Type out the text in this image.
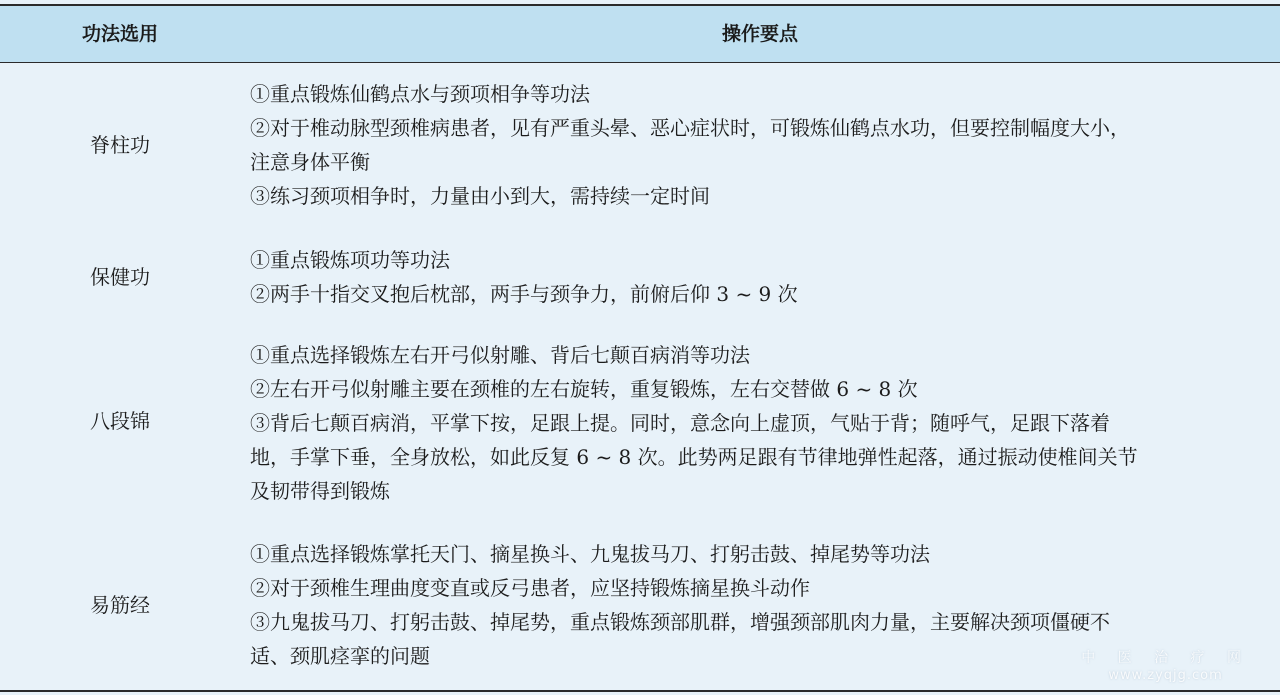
功法选用	操作要点
脊柱功
①重点锻炼仙鹤点水与颈项相争等功法
②对于椎动脉型颈椎病患者，见有严重头晕、恶心症状时，可锻炼仙鹤点水功，但要控制幅度大小，
注意身体平衡
③练习颈项相争时，力量由小到大，需持续一定时间
保健功
①重点锻炼项功等功法
②两手十指交叉抱后枕部，两手与颈争力，前俯后仰 3 ~ 9 次
八段锦
①重点选择锻炼左右开弓似射雕、背后七颠百病消等功法
②左右开弓似射雕主要在颈椎的左右旋转，重复锻炼，左右交替做 6 ~ 8 次
③背后七颠百病消，平掌下按，足跟上提。同时，意念向上虚顶，气贴于背；随呼气，足跟下落着
地，手掌下垂，全身放松，如此反复 6 ~ 8 次。此势两足跟有节律地弹性起落，通过振动使椎间关节
及韧带得到锻炼
易筋经
①重点选择锻炼掌托天门、摘星换斗、九鬼拔马刀、打躬击鼓、掉尾势等功法
②对于颈椎生理曲度变直或反弓患者，应坚持锻炼摘星换斗动作
③九鬼拔马刀、打躬击鼓、掉尾势，重点锻炼颈部肌群，增强颈部肌肉力量，主要解决颈项僵硬不
适、颈肌痉挛的问题	中 医 治 疗 网
www.zyqjg.com
